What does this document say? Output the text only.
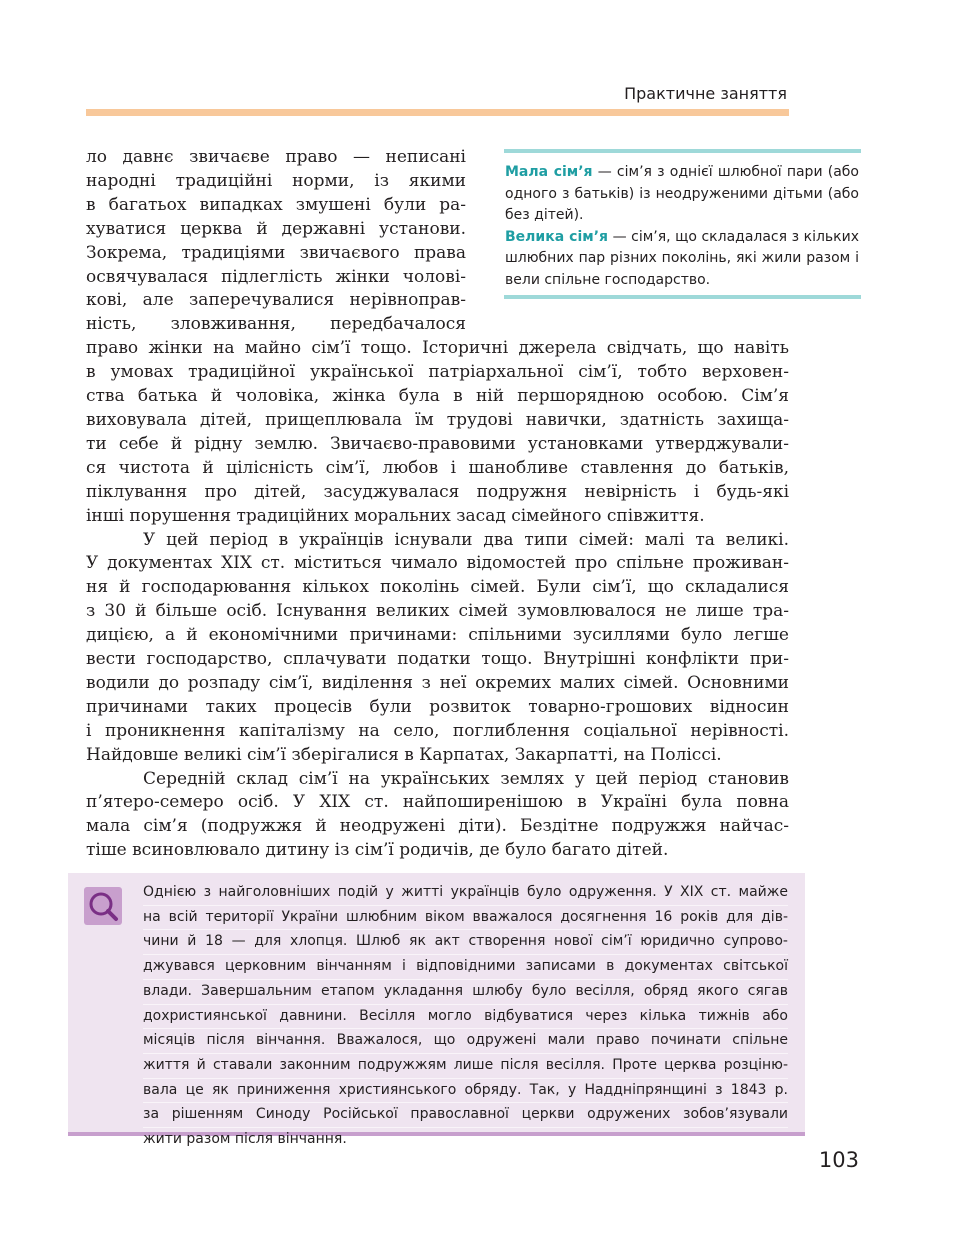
Практичне заняття

Мала сім’я — сім’я з однієї шлюбної пари (або одного з батьків) із неодруженими дітьми (або без дітей).

Велика сім’я — сім’я, що складалася з кільких шлюбних пар різних поколінь, які жили разом і вели спільне господарство.

ло давнє звичаєве право — неписані
народні традиційні норми, із якими
в багатьох випадках змушені були ра-
хуватися церква й державні установи.
Зокрема, традиціями звичаєвого права
освячувалася підлеглість жінки чолові-
кові, але заперечувалися нерівноправ-
ність, зловживання, передбачалося
право жінки на майно сім’ї тощо. Історичні джерела свідчать, що навіть
в умовах традиційної української патріархальної сім’ї, тобто верховен-
ства батька й чоловіка, жінка була в ній першорядною особою. Сім’я
виховувала дітей, прищеплювала їм трудові навички, здатність захища-
ти себе й рідну землю. Звичаєво-правовими установками утверджували-
ся чистота й цілісність сім’ї, любов і шанобливе ставлення до батьків,
піклування про дітей, засуджувалася подружня невірність і будь-які
інші порушення традиційних моральних засад сімейного співжиття.
У цей період в українців існували два типи сімей: малі та великі.
У документах XIX ст. міститься чимало відомостей про спільне проживан-
ня й господарювання кількох поколінь сімей. Були сім’ї, що складалися
з 30 й більше осіб. Існування великих сімей зумовлювалося не лише тра-
дицією, а й економічними причинами: спільними зусиллями було легше
вести господарство, сплачувати податки тощо. Внутрішні конфлікти при-
водили до розпаду сім’ї, виділення з неї окремих малих сімей. Основними
причинами таких процесів були розвиток товарно-грошових відносин
і проникнення капіталізму на село, поглиблення соціальної нерівності.
Найдовше великі сім’ї зберігалися в Карпатах, Закарпатті, на Поліссі.
Середній склад сім’ї на українських землях у цей період становив
п’ятеро-семеро осіб. У XIX ст. найпоширенішою в Україні була повна
мала сім’я (подружжя й неодружені діти). Бездітне подружжя найчас-
тіше всиновлювало дитину із сім’ї родичів, де було багато дітей.
Однією з найголовніших подій у житті українців було одруження. У XIX ст. майже
на всій території України шлюбним віком вважалося досягнення 16 років для дів-
чини й 18 — для хлопця. Шлюб як акт створення нової сім’ї юридично супрово-
джувався церковним вінчанням і відповідними записами в документах світської
влади. Завершальним етапом укладання шлюбу було весілля, обряд якого сягав
дохристиянської давнини. Весілля могло відбуватися через кілька тижнів або
місяців після вінчання. Вважалося, що одружені мали право починати спільне
життя й ставали законним подружжям лише після весілля. Проте церква розцiню-
вала це як приниження християнського обряду. Так, у Наддніпрянщині з 1843 р.
за рішенням Синоду Російської православної церкви одружених зобов’язували
жити разом після вінчання.
103
